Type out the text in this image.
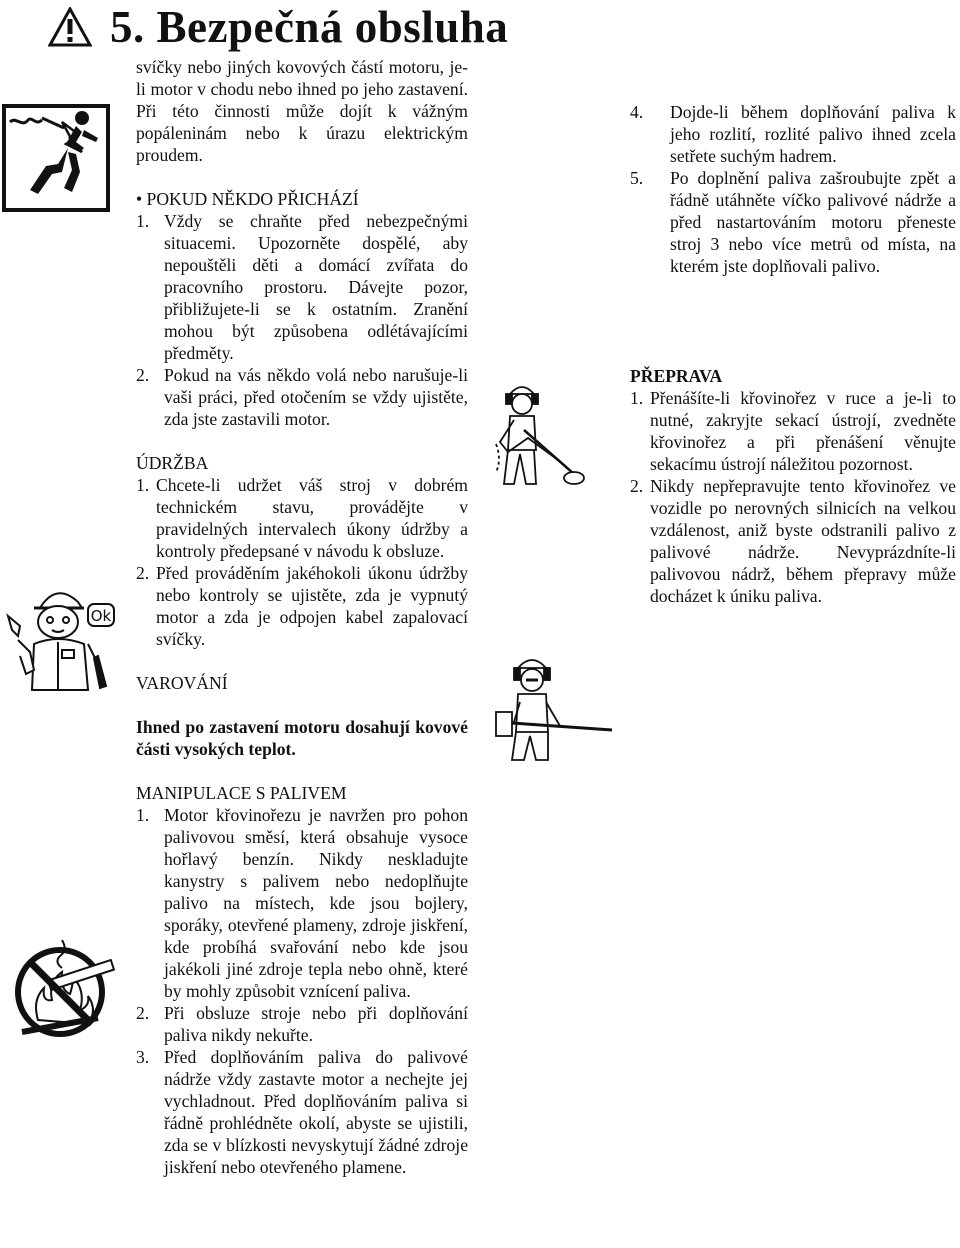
5. Bezpečná obsluha

svíčky nebo jiných kovových částí motoru, je-li motor v chodu nebo ihned po jeho zastavení. Při této činnosti může dojít k vážným popáleninám nebo k úrazu elektrickým proudem.

• POKUD NĚKDO PŘICHÁZÍ

1. Vždy se chraňte před nebezpečnými situacemi. Upozorněte dospělé, aby nepouštěli děti a domácí zvířata do pracovního prostoru. Dávejte pozor, přibližujete-li se k ostatním. Zranění mohou být způsobena odlétávajícími předměty.
2. Pokud na vás někdo volá nebo narušuje-li vaši práci, před otočením se vždy ujistěte, zda jste zastavili motor.

ÚDRŽBA

1. Chcete-li udržet váš stroj v dobrém technickém stavu, provádějte v pravidelných intervalech úkony údržby a kontroly předepsané v návodu k obsluze.
2. Před prováděním jakéhokoli úkonu údržby nebo kontroly se ujistěte, zda je vypnutý motor a zda je odpojen kabel zapalovací svíčky.

VAROVÁNÍ

Ihned po zastavení motoru dosahují kovové části vysokých teplot.

MANIPULACE S PALIVEM

1. Motor křovinořezu je navržen pro pohon palivovou směsí, která obsahuje vysoce hořlavý benzín. Nikdy neskladujte kanystry s palivem nebo nedoplňujte palivo na místech, kde jsou bojlery, sporáky, otevřené plameny, zdroje jiskření, kde probíhá svařování nebo kde jsou jakékoli jiné zdroje tepla nebo ohně, které by mohly způsobit vznícení paliva.
2. Při obsluze stroje nebo při doplňování paliva nikdy nekuřte.
3. Před doplňováním paliva do palivové nádrže vždy zastavte motor a nechejte jej vychladnout. Před doplňováním paliva si řádně prohlédněte okolí, abyste se ujistili, zda se v blízkosti nevyskytují žádné zdroje jiskření nebo otevřeného plamene.
Ok
4.	Dojde-li během doplňování paliva k jeho rozlití, rozlité palivo ihned zcela setřete suchým hadrem.
5.	Po doplnění paliva zašroubujte zpět a řádně utáhněte víčko palivové nádrže a před nastartováním motoru přeneste stroj 3 nebo více metrů od místa, na kterém jste doplňovali palivo.

PŘEPRAVA

1. Přenášíte-li křovinořez v ruce a je-li to nutné, zakryjte sekací ústrojí, zvedněte křovinořez a při přenášení věnujte sekacímu ústrojí náležitou pozornost.
2. Nikdy nepřepravujte tento křovinořez ve vozidle po nerovných silnicích na velkou vzdálenost, aniž byste odstranili palivo z palivové nádrže. Nevyprázdníte-li palivovou nádrž, během přepravy může docházet k úniku paliva.
